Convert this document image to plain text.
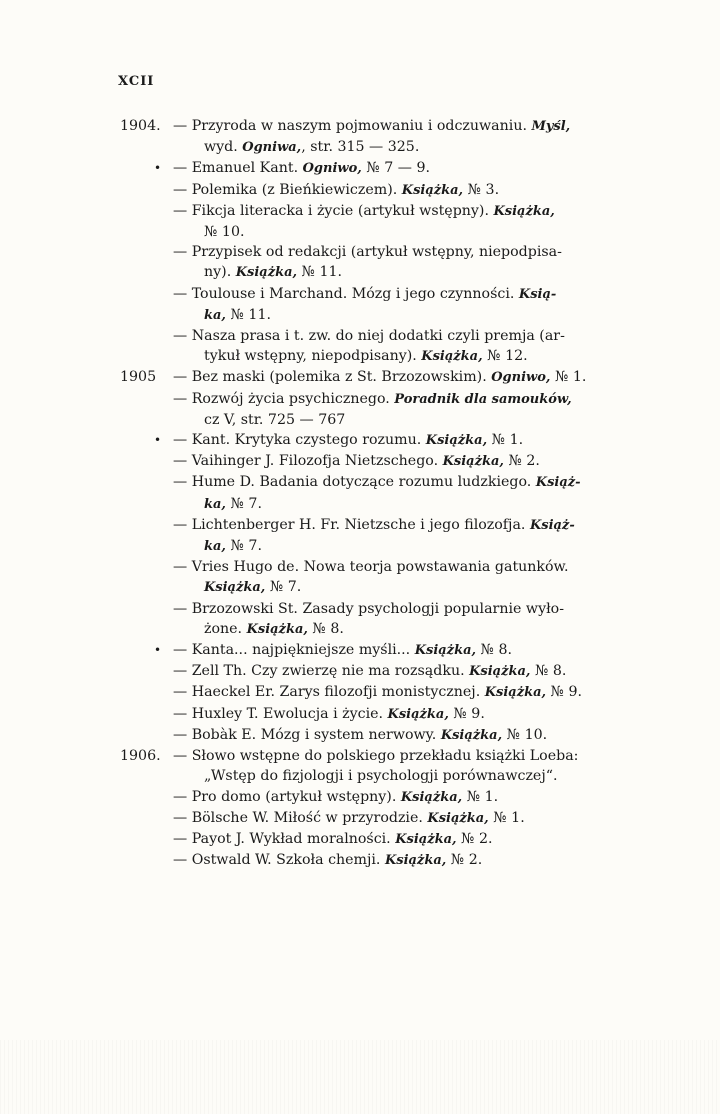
XCII
1904. — Przyroda w naszym pojmowaniu i odczuwaniu. Myśl,
wyd. Ogniwa,, str. 315 — 325.
• — Emanuel Kant. Ogniwo, № 7 — 9.
— Polemika (z Bieńkiewiczem). Książka, № 3.
— Fikcja literacka i życie (artykuł wstępny). Książka,
№ 10.
— Przypisek od redakcji (artykuł wstępny, niepodpisa-
ny). Książka, № 11.
— Toulouse i Marchand. Mózg i jego czynności. Ksią-
ka, № 11.
— Nasza prasa i t. zw. do niej dodatki czyli premja (ar-
tykuł wstępny, niepodpisany). Książka, № 12.
1905	— Bez maski (polemika z St. Brzozowskim). Ogniwo, № 1.
— Rozwój życia psychicznego. Poradnik dla samouków,
cz V, str. 725 — 767
• — Kant. Krytyka czystego rozumu. Książka, № 1.
— Vaihinger J. Filozofja Nietzschego. Książka, № 2.
— Hume D. Badania dotyczące rozumu ludzkiego. Książ-
ka, № 7.
— Lichtenberger H. Fr. Nietzsche i jego filozofja. Książ-
ka, № 7.
— Vries Hugo de. Nowa teorja powstawania gatunków.
Książka, № 7.
— Brzozowski St. Zasady psychologji popularnie wyło-
żone. Książka, № 8.
• — Kanta... najpiękniejsze myśli... Książka, № 8.
— Zell Th. Czy zwierzę nie ma rozsądku. Książka, № 8.
— Haeckel Er. Zarys filozofji monistycznej. Książka, № 9.
— Huxley T. Ewolucja i życie. Książka, № 9.
— Bobàk E. Mózg i system nerwowy. Książka, № 10.
1906. — Słowo wstępne do polskiego przekładu książki Loeba:
„Wstęp do fizjologji i psychologji porównawczej“.
— Pro domo (artykuł wstępny). Książka, № 1.
— Bölsche W. Miłość w przyrodzie. Książka, № 1.
— Payot J. Wykład moralności. Książka, № 2.
— Ostwald W. Szkoła chemji. Książka, № 2.
